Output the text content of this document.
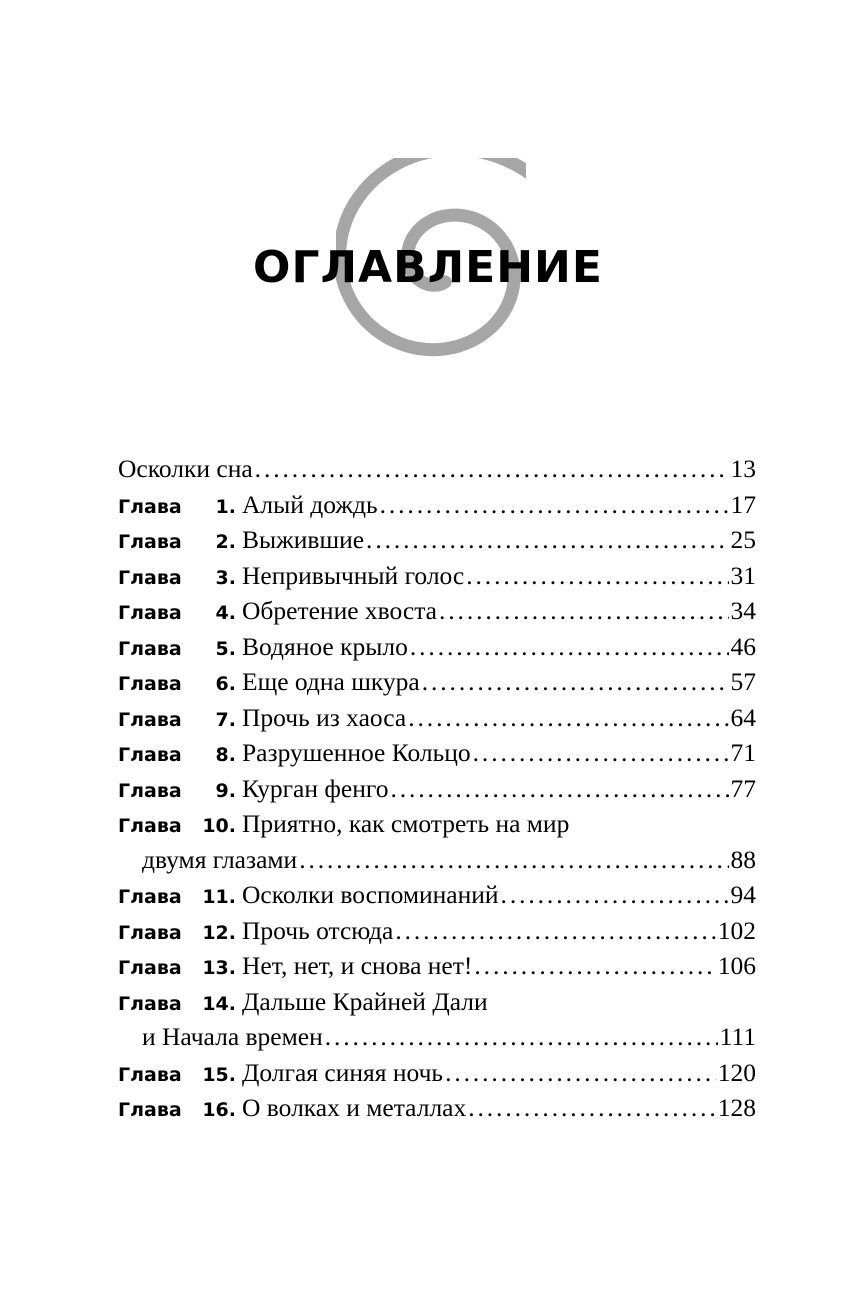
ОГЛАВЛЕНИЕ
Осколки сна .....	13
Глава	1. Алый дождь .....	17
Глава	2. Выжившие .....	25
Глава	3. Непривычный голос .....	31
Глава	4. Обретение хвоста .....	34
Глава	5. Водяное крыло .....	46
Глава	6. Еще одна шкура .....	57
Глава	7. Прочь из хаоса .....	64
Глава	8. Разрушенное Кольцо .....	71
Глава	9. Курган фенго .....	77
Глава	10. Приятно, как смотреть на мир
двумя глазами .....	88
Глава	11. Осколки воспоминаний .....	94
Глава	12. Прочь отсюда .....	102
Глава	13. Нет, нет, и снова нет! .....	106
Глава	14. Дальше Крайней Дали
и Начала времен .....	111
Глава	15. Долгая синяя ночь .....	120
Глава	16. О волках и металлах .....	128
